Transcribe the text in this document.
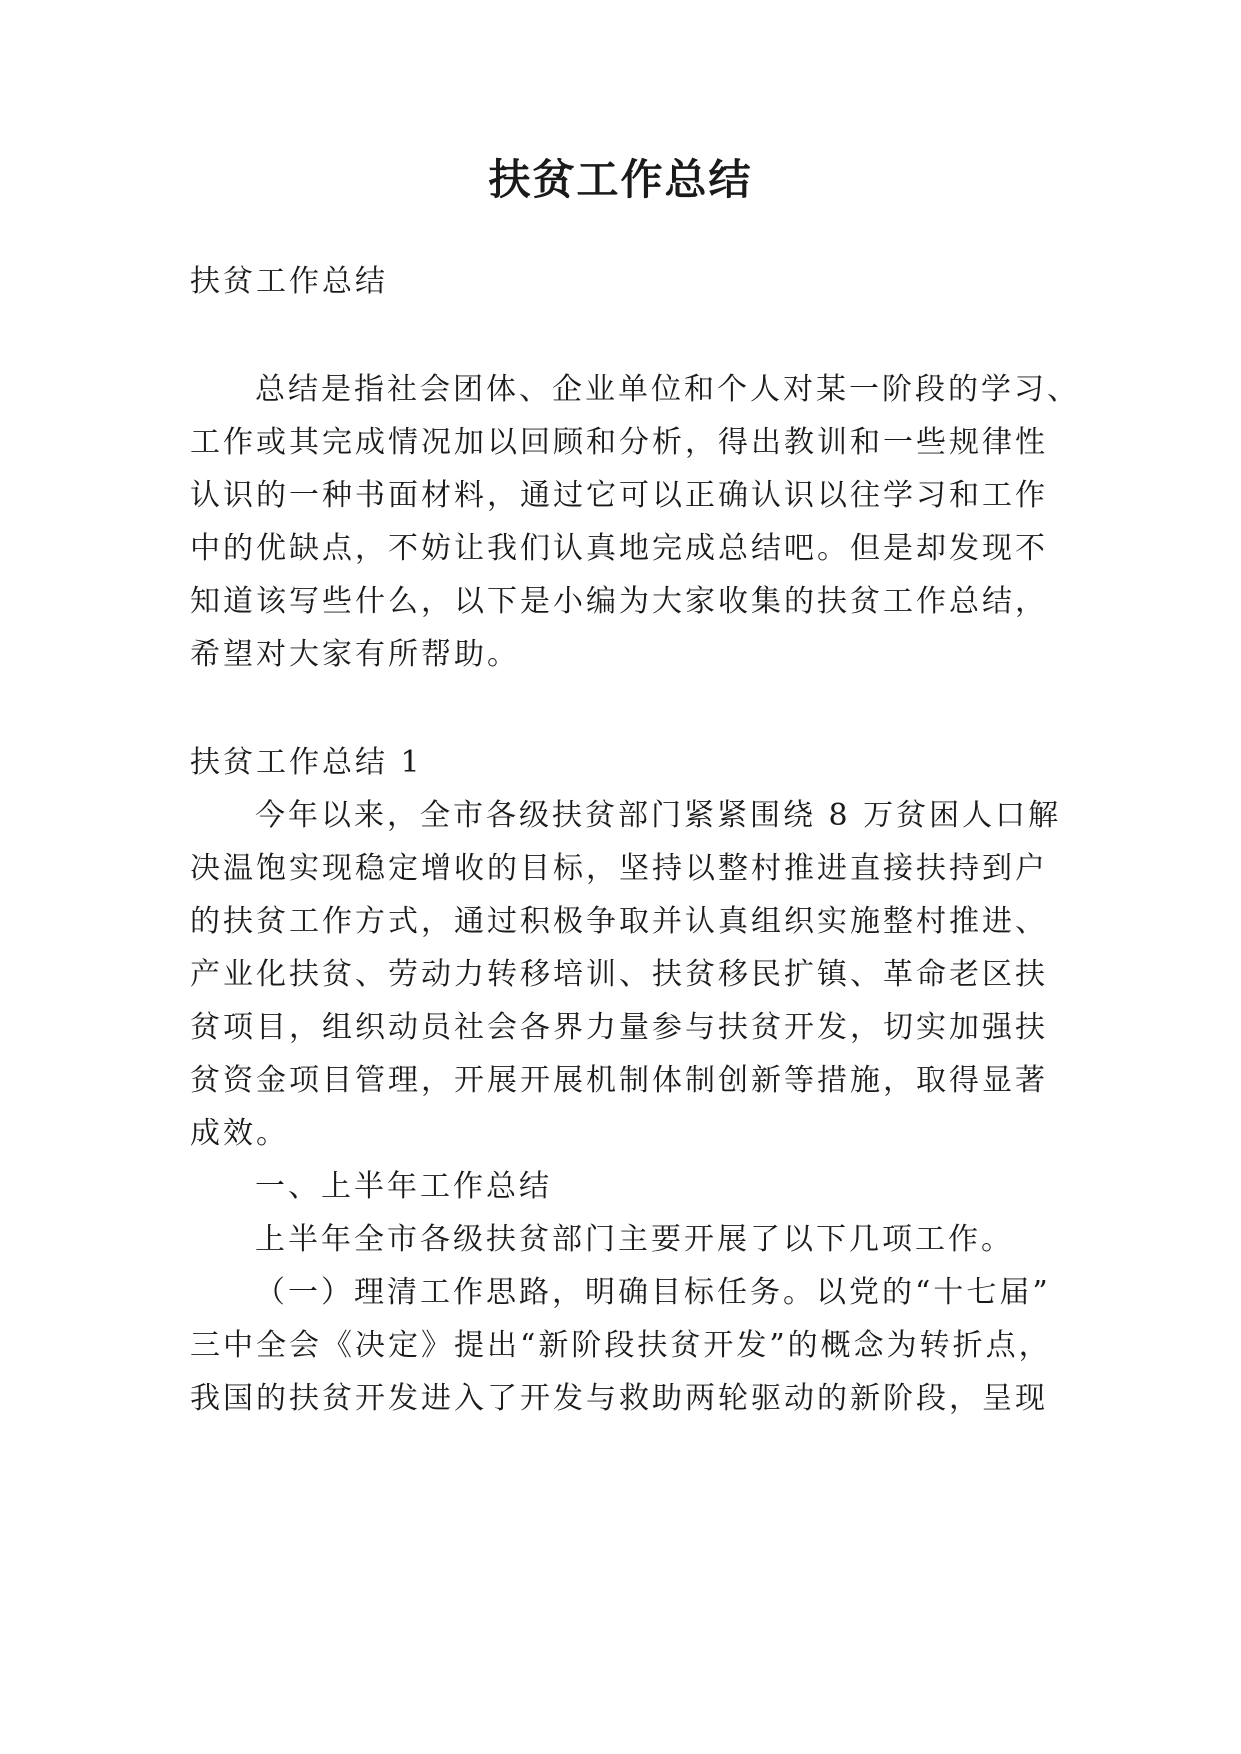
扶贫工作总结

扶贫工作总结

总结是指社会团体、企业单位和个人对某一阶段的学习、

工作或其完成情况加以回顾和分析，得出教训和一些规律性

认识的一种书面材料，通过它可以正确认识以往学习和工作

中的优缺点，不妨让我们认真地完成总结吧。但是却发现不

知道该写些什么，以下是小编为大家收集的扶贫工作总结，

希望对大家有所帮助。

扶贫工作总结 1

今年以来，全市各级扶贫部门紧紧围绕 8 万贫困人口解

决温饱实现稳定增收的目标，坚持以整村推进直接扶持到户

的扶贫工作方式，通过积极争取并认真组织实施整村推进、

产业化扶贫、劳动力转移培训、扶贫移民扩镇、革命老区扶

贫项目，组织动员社会各界力量参与扶贫开发，切实加强扶

贫资金项目管理，开展开展机制体制创新等措施，取得显著

成效。

一、上半年工作总结

上半年全市各级扶贫部门主要开展了以下几项工作。

（一）理清工作思路，明确目标任务。以党的“十七届”

三中全会《决定》提出“新阶段扶贫开发”的概念为转折点，

我国的扶贫开发进入了开发与救助两轮驱动的新阶段，呈现
